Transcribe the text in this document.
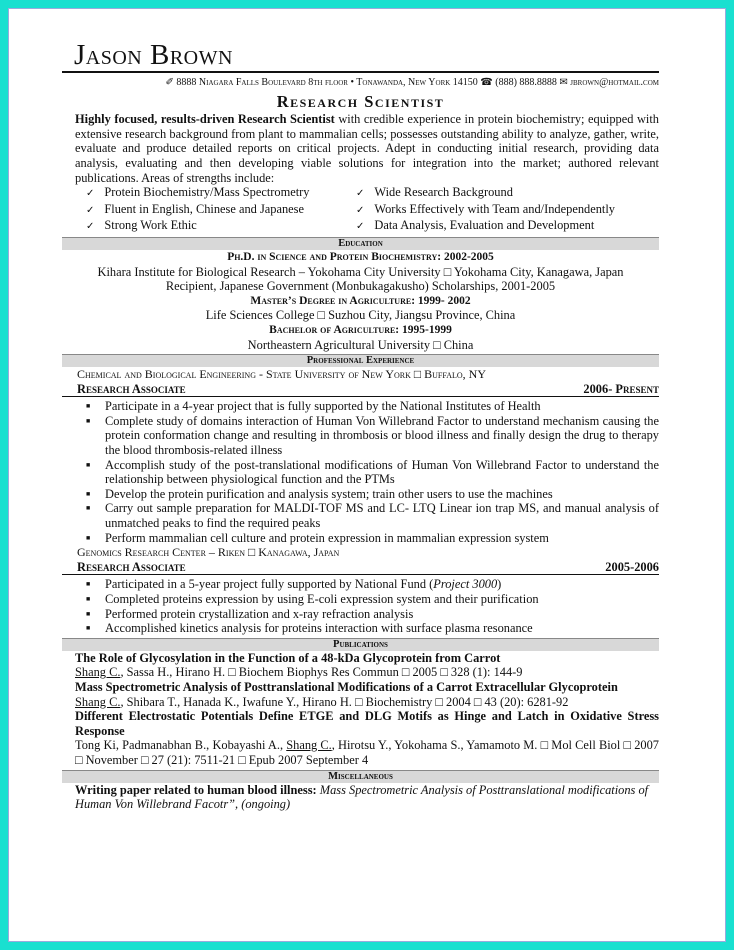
Jason Brown
✐ 8888 Niagara Falls Boulevard 8th floor • Tonawanda, New York 14150 ☎ (888) 888.8888 ✉ jbrown@hotmail.com
Research Scientist

Highly focused, results-driven Research Scientist with credible experience in protein biochemistry; equipped with extensive research background from plant to mammalian cells; possesses outstanding ability to analyze, gather, write, evaluate and produce detailed reports on critical projects. Adept in conducting initial research, providing data analysis, evaluating and then developing viable solutions for integration into the market; authored relevant publications. Areas of strengths include:

✓ Protein Biochemistry/Mass Spectrometry
✓ Fluent in English, Chinese and Japanese
✓ Strong Work Ethic
✓ Wide Research Background
✓ Works Effectively with Team and/Independently
✓ Data Analysis, Evaluation and Development
Education
Ph.D. in Science and Protein Biochemistry: 2002-2005
Kihara Institute for Biological Research – Yokohama City University □ Yokohama City, Kanagawa, Japan
Recipient, Japanese Government (Monbukagakusho) Scholarships, 2001-2005
Master’s Degree in Agriculture: 1999- 2002
Life Sciences College □ Suzhou City, Jiangsu Province, China
Bachelor of Agriculture: 1995-1999
Northeastern Agricultural University □ China
Professional Experience
Chemical and Biological Engineering - State University of New York □ Buffalo, NY
Research Associate	2006- Present
■ Participate in a 4-year project that is fully supported by the National Institutes of Health
■ Complete study of domains interaction of Human Von Willebrand Factor to understand mechanism causing the protein conformation change and resulting in thrombosis or blood illness and finally design the drug to therapy the blood thrombosis-related illness
■ Accomplish study of the post-translational modifications of Human Von Willebrand Factor to understand the relationship between physiological function and the PTMs
■ Develop the protein purification and analysis system; train other users to use the machines
■ Carry out sample preparation for MALDI-TOF MS and LC- LTQ Linear ion trap MS, and manual analysis of unmatched peaks to find the required peaks
■ Perform mammalian cell culture and protein expression in mammalian expression system
Genomics Research Center – Riken □ Kanagawa, Japan
Research Associate	2005-2006
■ Participated in a 5-year project fully supported by National Fund (Project 3000)
■ Completed proteins expression by using E-coli expression system and their purification
■ Performed protein crystallization and x-ray refraction analysis
■ Accomplished kinetics analysis for proteins interaction with surface plasma resonance
Publications
The Role of Glycosylation in the Function of a 48-kDa Glycoprotein from Carrot
Shang C., Sassa H., Hirano H. □ Biochem Biophys Res Commun □ 2005 □ 328 (1): 144-9
Mass Spectrometric Analysis of Posttranslational Modifications of a Carrot Extracellular Glycoprotein
Shang C., Shibara T., Hanada K., Iwafune Y., Hirano H. □ Biochemistry □ 2004 □ 43 (20): 6281-92
Different Electrostatic Potentials Define ETGE and DLG Motifs as Hinge and Latch in Oxidative Stress Response
Tong Ki, Padmanabhan B., Kobayashi A., Shang C., Hirotsu Y., Yokohama S., Yamamoto M. □ Mol Cell Biol □ 2007 □ November □ 27 (21): 7511-21 □ Epub 2007 September 4
Miscellaneous
Writing paper related to human blood illness: Mass Spectrometric Analysis of Posttranslational modifications of Human Von Willebrand Facotr”, (ongoing)
